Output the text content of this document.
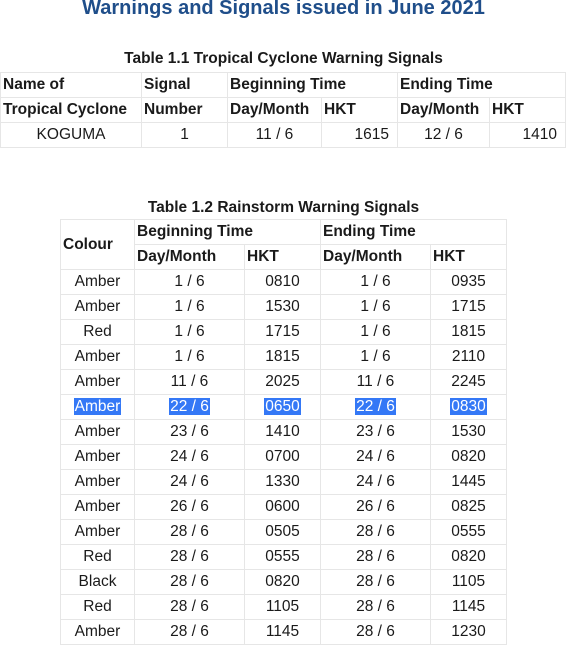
Warnings and Signals issued in June 2021
Table 1.1 Tropical Cyclone Warning Signals
Name of	Signal	Beginning Time		Ending Time	
Tropical Cyclone	Number	Day/Month	HKT	Day/Month	HKT
KOGUMA	1	11 / 6	1615	12 / 6	1410
Table 1.2 Rainstorm Warning Signals
Colour	Beginning Time		Ending Time	
	Day/Month	HKT	Day/Month	HKT
Amber	1 / 6	0810	1 / 6	0935
Amber	1 / 6	1530	1 / 6	1715
Red	1 / 6	1715	1 / 6	1815
Amber	1 / 6	1815	1 / 6	2110
Amber	11 / 6	2025	11 / 6	2245
Amber	22 / 6	0650	22 / 6	0830
Amber	23 / 6	1410	23 / 6	1530
Amber	24 / 6	0700	24 / 6	0820
Amber	24 / 6	1330	24 / 6	1445
Amber	26 / 6	0600	26 / 6	0825
Amber	28 / 6	0505	28 / 6	0555
Red	28 / 6	0555	28 / 6	0820
Black	28 / 6	0820	28 / 6	1105
Red	28 / 6	1105	28 / 6	1145
Amber	28 / 6	1145	28 / 6	1230
